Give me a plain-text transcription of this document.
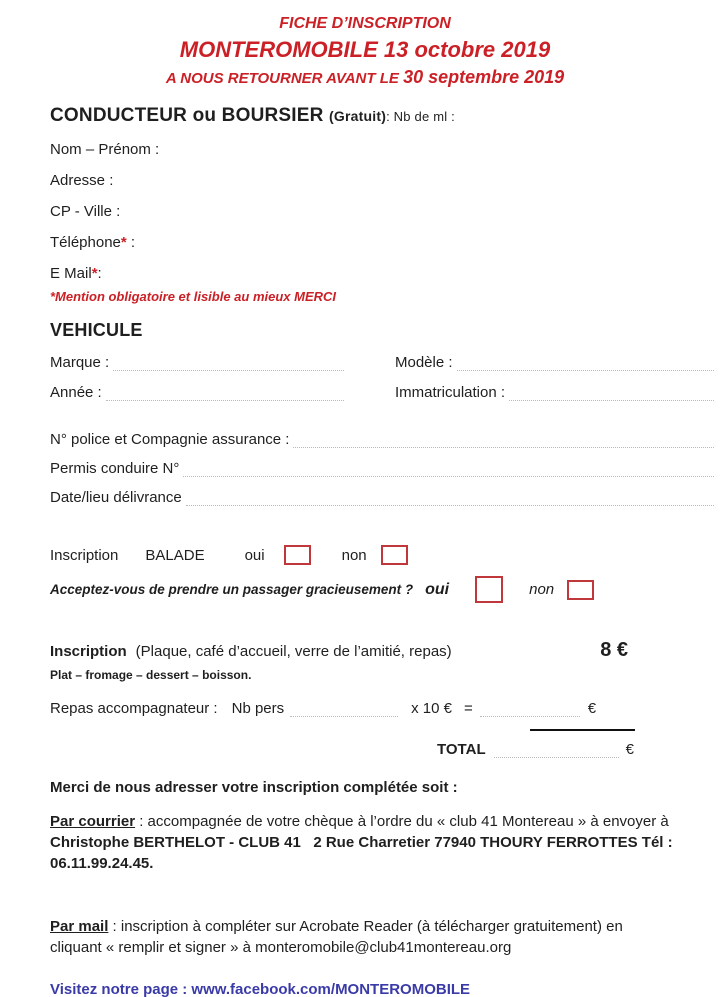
FICHE D’INSCRIPTION
MONTEROMOBILE 13 octobre 2019
A NOUS RETOURNER AVANT LE 30 septembre 2019
CONDUCTEUR ou BOURSIER (Gratuit): Nb de ml :
Nom – Prénom :
Adresse :
CP - Ville :
Téléphone* :
E Mail*:
*Mention obligatoire et lisible au mieux MERCI
VEHICULE
Marque :	Modèle :
Année :	Immatriculation :
N° police et Compagnie assurance :
Permis conduire N°
Date/lieu délivrance
Inscription BALADE	oui	non
Acceptez-vous de prendre un passager gracieusement ? oui	non
Inscription (Plaque, café d’accueil, verre de l’amitié, repas)	8 €
Plat – fromage – dessert – boisson.
Repas accompagnateur : Nb pers	x 10 € =	€
TOTAL	€

Merci de nous adresser votre inscription complétée soit :

Par courrier : accompagnée de votre chèque à l’ordre du « club 41 Montereau » à envoyer à Christophe BERTHELOT - CLUB 41   2 Rue Charretier 77940 THOURY FERROTTES Tél : 06.11.99.24.45.

Par mail : inscription à compléter sur Acrobate Reader (à télécharger gratuitement) en cliquant « remplir et signer » à monteromobile@club41montereau.org

Visitez notre page : www.facebook.com/MONTEROMOBILE
